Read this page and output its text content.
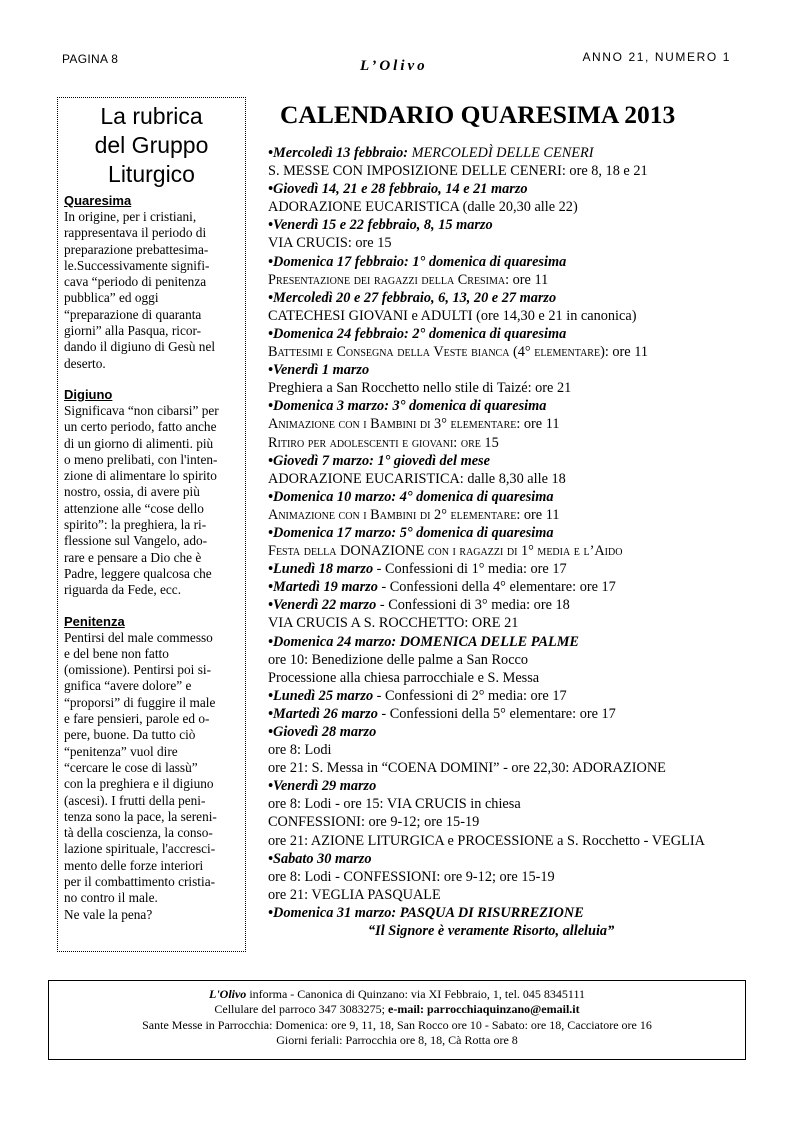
PAGINA 8	L’Olivo
ANNO 21, NUMERO 1
La rubrica
del Gruppo
Liturgico
Quaresima
In origine, per i cristiani,
rappresentava il periodo di
preparazione prebattesima-
le.Successivamente signifi-
cava “periodo di penitenza
pubblica” ed oggi
“preparazione di quaranta
giorni” alla Pasqua, ricor-
dando il digiuno di Gesù nel
deserto.
Digiuno
Significava “non cibarsi” per
un certo periodo, fatto anche
di un giorno di alimenti. più
o meno prelibati, con l'inten-
zione di alimentare lo spirito
nostro, ossia, di avere più
attenzione alle “cose dello
spirito”: la preghiera, la ri-
flessione sul Vangelo, ado-
rare e pensare a Dio che è
Padre, leggere qualcosa che
riguarda da Fede, ecc.
Penitenza
Pentirsi del male commesso
e del bene non fatto
(omissione). Pentirsi poi si-
gnifica “avere dolore” e
“proporsi” di fuggire il male
e fare pensieri, parole ed o-
pere, buone. Da tutto ciò
“penitenza” vuol dire
“cercare le cose di lassù”
con la preghiera e il digiuno
(ascesi). I frutti della peni-
tenza sono la pace, la sereni-
tà della coscienza, la conso-
lazione spirituale, l'accresci-
mento delle forze interiori
per il combattimento cristia-
no contro il male.
Ne vale la pena?
CALENDARIO QUARESIMA 2013
•Mercoledì 13 febbraio: MERCOLEDÌ DELLE CENERI
S. MESSE CON IMPOSIZIONE DELLE CENERI: ore 8, 18 e 21
•Giovedì 14, 21 e 28 febbraio, 14 e 21 marzo
ADORAZIONE EUCARISTICA (dalle 20,30 alle 22)
•Venerdì 15 e 22 febbraio, 8, 15 marzo
VIA CRUCIS: ore 15
•Domenica 17 febbraio: 1° domenica di quaresima
Presentazione dei ragazzi della Cresima: ore 11
•Mercoledì 20 e 27 febbraio, 6, 13, 20 e 27 marzo
CATECHESI GIOVANI e ADULTI (ore 14,30 e 21 in canonica)
•Domenica 24 febbraio: 2° domenica di quaresima
Battesimi e Consegna della Veste bianca (4° elementare): ore 11
•Venerdì 1 marzo
Preghiera a San Rocchetto nello stile di Taizé: ore 21
•Domenica 3 marzo: 3° domenica di quaresima
Animazione con i Bambini di 3° elementare: ore 11
Ritiro per adolescenti e giovani: ore 15
•Giovedì 7 marzo: 1° giovedì del mese
ADORAZIONE EUCARISTICA: dalle 8,30 alle 18
•Domenica 10 marzo: 4° domenica di quaresima
Animazione con i Bambini di 2° elementare: ore 11
•Domenica 17 marzo: 5° domenica di quaresima
Festa della DONAZIONE con i ragazzi di 1° media e l’Aido
•Lunedì 18 marzo - Confessioni di 1° media: ore 17
•Martedì 19 marzo - Confessioni della 4° elementare: ore 17
•Venerdì 22 marzo - Confessioni di 3° media: ore 18
VIA CRUCIS A S. ROCCHETTO: ORE 21
•Domenica 24 marzo: DOMENICA DELLE PALME
ore 10: Benedizione delle palme a San Rocco
Processione alla chiesa parrocchiale e S. Messa
•Lunedì 25 marzo - Confessioni di 2° media: ore 17
•Martedì 26 marzo - Confessioni della 5° elementare: ore 17
•Giovedì 28 marzo
ore 8: Lodi
ore 21: S. Messa in “COENA DOMINI” - ore 22,30: ADORAZIONE
•Venerdì 29 marzo
ore 8: Lodi - ore 15: VIA CRUCIS in chiesa
CONFESSIONI: ore 9-12; ore 15-19
ore 21: AZIONE LITURGICA e PROCESSIONE a S. Rocchetto - VEGLIA
•Sabato 30 marzo
ore 8: Lodi - CONFESSIONI: ore 9-12; ore 15-19
ore 21: VEGLIA PASQUALE
•Domenica 31 marzo: PASQUA DI RISURREZIONE
“Il Signore è veramente Risorto, alleluia”
L'Olivo informa - Canonica di Quinzano: via XI Febbraio, 1, tel. 045 8345111
Cellulare del parroco 347 3083275; e-mail: parrocchiaquinzano@email.it
Sante Messe in Parrocchia: Domenica: ore 9, 11, 18, San Rocco ore 10 - Sabato: ore 18, Cacciatore ore 16
Giorni feriali: Parrocchia ore 8, 18, Cà Rotta ore 8
